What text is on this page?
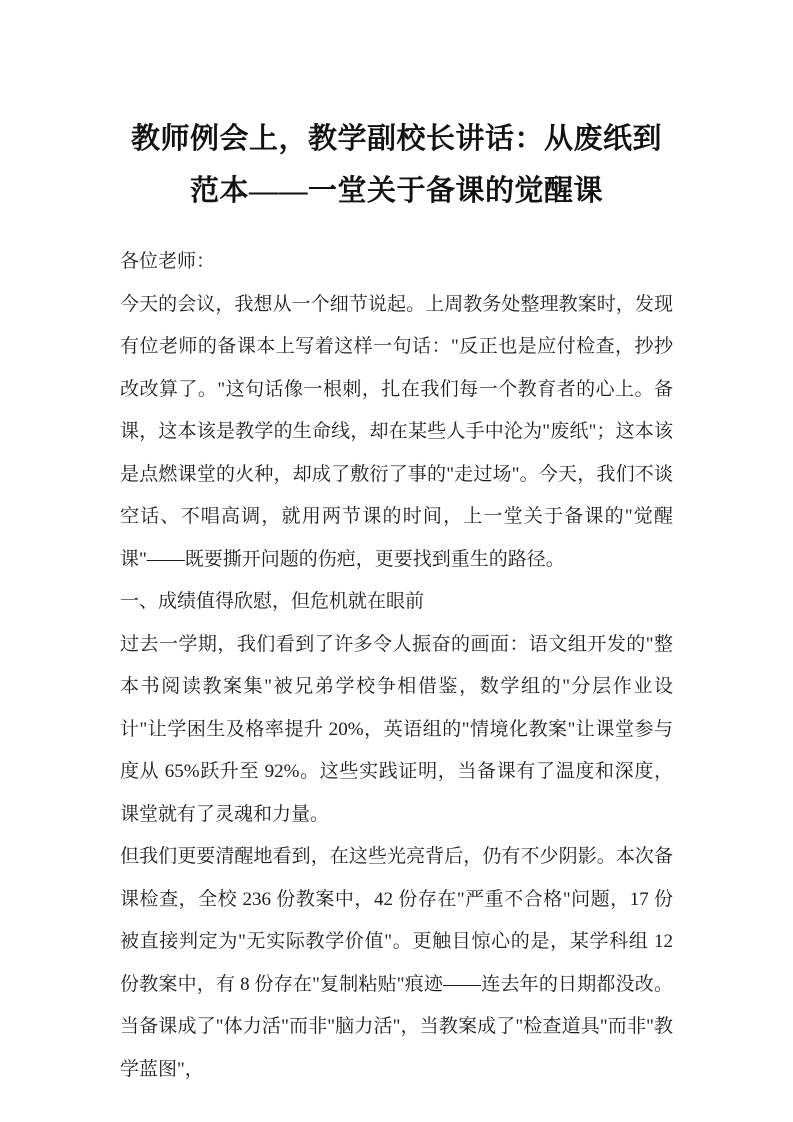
教师例会上，教学副校长讲话：从废纸到范本——一堂关于备课的觉醒课

各位老师：

今天的会议，我想从一个细节说起。上周教务处整理教案时，发现有位老师的备课本上写着这样一句话："反正也是应付检查，抄抄改改算了。"这句话像一根刺，扎在我们每一个教育者的心上。备课，这本该是教学的生命线，却在某些人手中沦为"废纸"；这本该是点燃课堂的火种，却成了敷衍了事的"走过场"。今天，我们不谈空话、不唱高调，就用两节课的时间，上一堂关于备课的"觉醒课"——既要撕开问题的伤疤，更要找到重生的路径。

一、成绩值得欣慰，但危机就在眼前

过去一学期，我们看到了许多令人振奋的画面：语文组开发的"整本书阅读教案集"被兄弟学校争相借鉴，数学组的"分层作业设计"让学困生及格率提升 20%，英语组的"情境化教案"让课堂参与度从 65%跃升至 92%。这些实践证明，当备课有了温度和深度，课堂就有了灵魂和力量。

但我们更要清醒地看到，在这些光亮背后，仍有不少阴影。本次备课检查，全校 236 份教案中，42 份存在"严重不合格"问题，17 份被直接判定为"无实际教学价值"。更触目惊心的是，某学科组 12 份教案中，有 8 份存在"复制粘贴"痕迹——连去年的日期都没改。当备课成了"体力活"而非"脑力活"，当教案成了"检查道具"而非"教学蓝图"，
